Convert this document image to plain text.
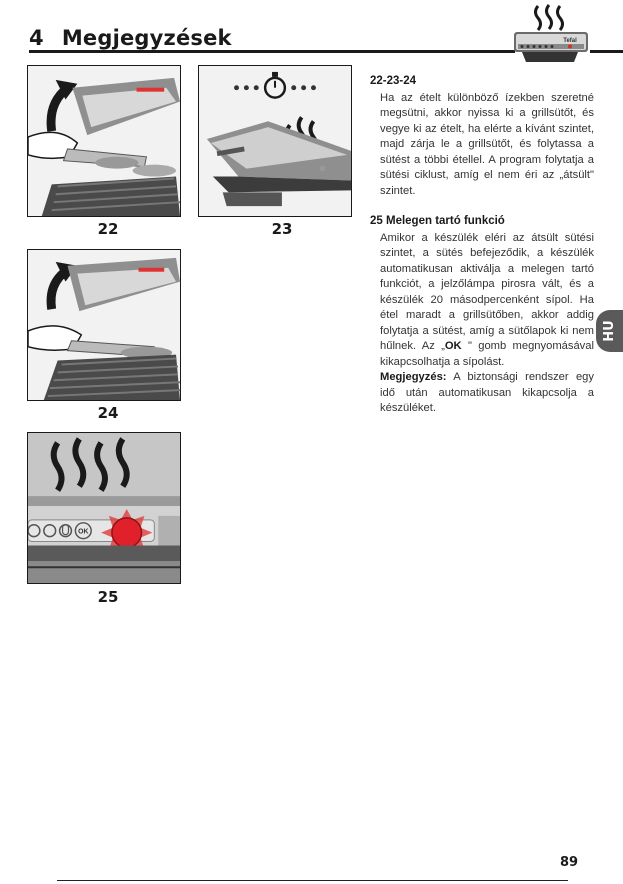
4 Megjegyzések	Tefal
22	23
24
OK
25

22-23-24

Ha az ételt különböző ízekben szeretné megsütni, akkor nyissa ki a grillsütőt, és vegye ki az ételt, ha elérte a kívánt szintet, majd zárja le a grillsütőt, és folytassa a sütést a többi étellel. A program folytatja a sütési ciklust, amíg el nem éri az „átsült" szintet.

25 Melegen tartó funkció

Amikor a készülék eléri az átsült sütési szintet, a sütés befejeződik, a készülék automatikusan aktiválja a melegen tartó funkciót, a jelzőlámpa pirosra vált, és a készülék 20 másodpercenként sípol. Ha étel maradt a grillsütőben, akkor addig folytatja a sütést, amíg a sütőlapok ki nem hűlnek. Az „OK " gomb megnyomásával kikapcsolhatja a sípolást.
Megjegyzés: A biztonsági rendszer egy idő után automatikusan kikapcsolja a készüléket.

HU
89
